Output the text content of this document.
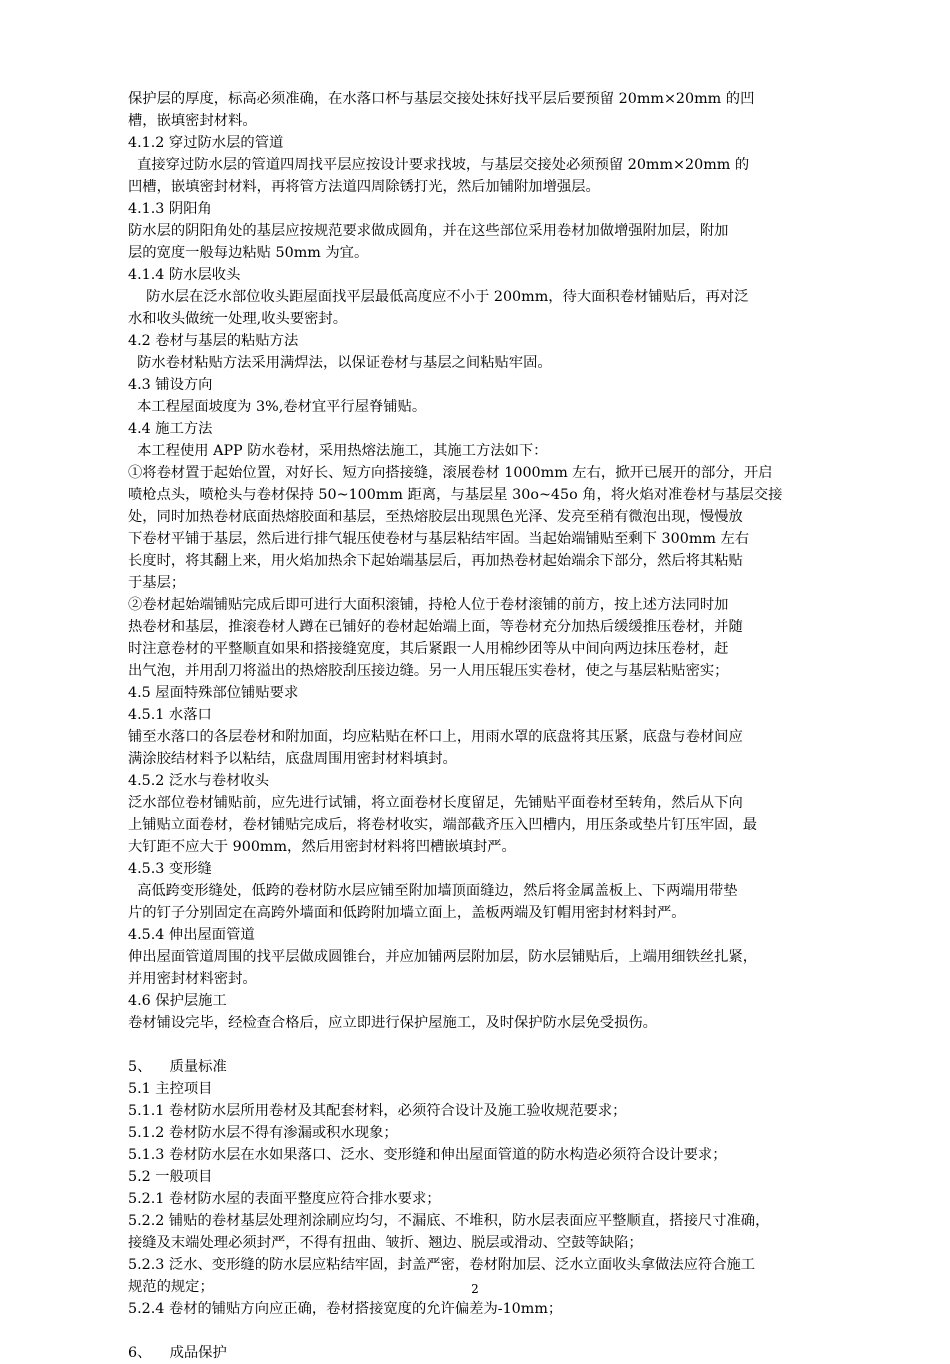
保护层的厚度，标高必须准确，在水落口杯与基层交接处抹好找平层后要预留 20mm×20mm 的凹
槽，嵌填密封材料。
4.1.2 穿过防水层的管道
直接穿过防水层的管道四周找平层应按设计要求找坡，与基层交接处必须预留 20mm×20mm 的
凹槽，嵌填密封材料，再将管方法道四周除锈打光，然后加铺附加增强层。
4.1.3 阴阳角
防水层的阴阳角处的基层应按规范要求做成圆角，并在这些部位采用卷材加做增强附加层，附加
层的宽度一般每边粘贴 50mm 为宜。
4.1.4 防水层收头
防水层在泛水部位收头距屋面找平层最低高度应不小于 200mm，待大面积卷材铺贴后，再对泛
水和收头做统一处理,收头要密封。
4.2 卷材与基层的粘贴方法
防水卷材粘贴方法采用满焊法，以保证卷材与基层之间粘贴牢固。
4.3 铺设方向
本工程屋面坡度为 3%,卷材宜平行屋脊铺贴。
4.4 施工方法
本工程使用 APP 防水卷材，采用热熔法施工，其施工方法如下：
①将卷材置于起始位置，对好长、短方向搭接缝，滚展卷材 1000mm 左右，掀开已展开的部分，开启
喷枪点头，喷枪头与卷材保持 50~100mm 距离，与基层星 30o~45o 角，将火焰对准卷材与基层交接
处，同时加热卷材底面热熔胶面和基层，至热熔胶层出现黑色光泽、发亮至稍有微泡出现，慢慢放
下卷材平铺于基层，然后进行排气辊压使卷材与基层粘结牢固。当起始端铺贴至剩下 300mm 左右
长度时，将其翻上来，用火焰加热余下起始端基层后，再加热卷材起始端余下部分，然后将其粘贴
于基层；
②卷材起始端铺贴完成后即可进行大面积滚铺，持枪人位于卷材滚铺的前方，按上述方法同时加
热卷材和基层，推滚卷材人蹲在已铺好的卷材起始端上面，等卷材充分加热后缓缓推压卷材，并随
时注意卷材的平整顺直如果和搭接缝宽度，其后紧跟一人用棉纱团等从中间向两边抹压卷材，赶
出气泡，并用刮刀将溢出的热熔胶刮压接边缝。另一人用压辊压实卷材，使之与基层粘贴密实；
4.5 屋面特殊部位铺贴要求
4.5.1 水落口
铺至水落口的各层卷材和附加面，均应粘贴在杯口上，用雨水罩的底盘将其压紧，底盘与卷材间应
满涂胶结材料予以粘结，底盘周围用密封材料填封。
4.5.2 泛水与卷材收头
泛水部位卷材铺贴前，应先进行试铺，将立面卷材长度留足，先铺贴平面卷材至转角，然后从下向
上铺贴立面卷材，卷材铺贴完成后，将卷材收实，端部截齐压入凹槽内，用压条或垫片钉压牢固，最
大钉距不应大于 900mm，然后用密封材料将凹槽嵌填封严。
4.5.3 变形缝
高低跨变形缝处，低跨的卷材防水层应铺至附加墙顶面缝边，然后将金属盖板上、下两端用带垫
片的钉子分别固定在高跨外墙面和低跨附加墙立面上，盖板两端及钉帽用密封材料封严。
4.5.4 伸出屋面管道
伸出屋面管道周围的找平层做成圆锥台，并应加铺两层附加层，防水层铺贴后，上端用细铁丝扎紧，
并用密封材料密封。
4.6 保护层施工
卷材铺设完毕，经检查合格后，应立即进行保护屋施工，及时保护防水层免受损伤。
5、    质量标准
5.1 主控项目
5.1.1 卷材防水层所用卷材及其配套材料，必须符合设计及施工验收规范要求；
5.1.2 卷材防水层不得有渗漏或积水现象；
5.1.3 卷材防水层在水如果落口、泛水、变形缝和伸出屋面管道的防水构造必须符合设计要求；
5.2 一般项目
5.2.1 卷材防水屋的表面平整度应符合排水要求；
5.2.2 铺贴的卷材基层处理剂涂刷应均匀，不漏底、不堆积，防水层表面应平整顺直，搭接尺寸准确，
接缝及末端处理必须封严，不得有扭曲、皱折、翘边、脱层或滑动、空鼓等缺陷；
5.2.3 泛水、变形缝的防水层应粘结牢固，封盖严密，卷材附加层、泛水立面收头拿做法应符合施工
规范的规定；
5.2.4 卷材的铺贴方向应正确，卷材搭接宽度的允许偏差为-10mm；
6、    成品保护
2
